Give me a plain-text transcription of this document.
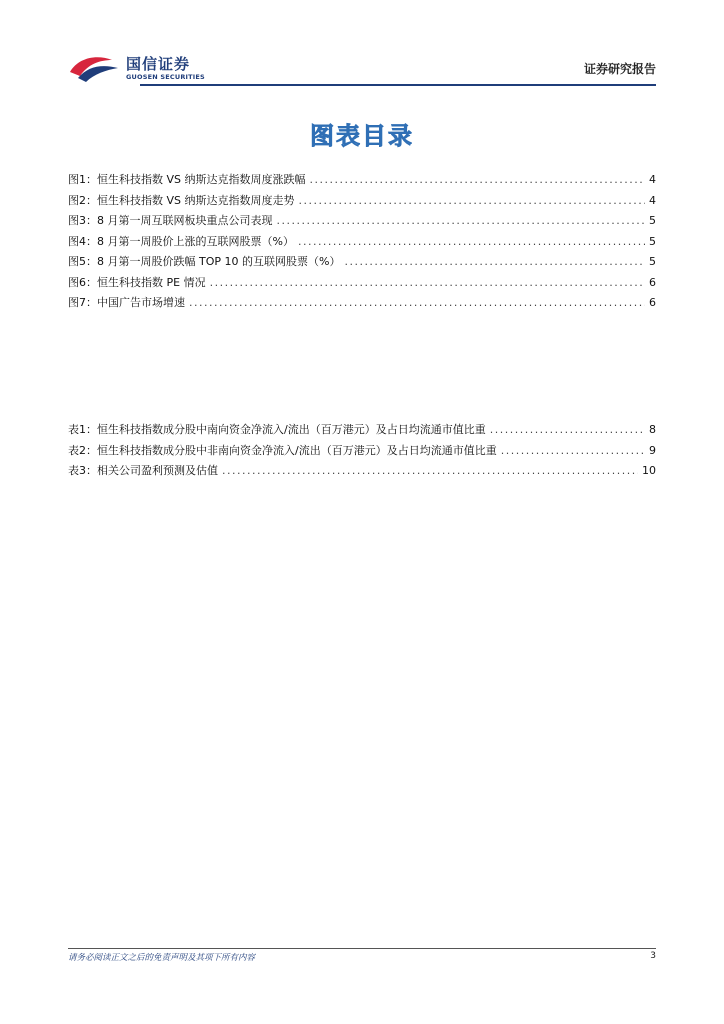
国信证券
GUOSEN SECURITIES
证券研究报告
图表目录
图1： 恒生科技指数 VS 纳斯达克指数周度涨跌幅 .....	4
图2： 恒生科技指数 VS 纳斯达克指数周度走势 .....	4
图3： 8 月第一周互联网板块重点公司表现 .....	5
图4： 8 月第一周股价上涨的互联网股票（%） .....	5
图5： 8 月第一周股价跌幅 TOP 10 的互联网股票（%） .....	5
图6： 恒生科技指数 PE 情况 .....	6
图7： 中国广告市场增速 .....	6
表1： 恒生科技指数成分股中南向资金净流入/流出（百万港元）及占日均流通市值比重 .....	8
表2： 恒生科技指数成分股中非南向资金净流入/流出（百万港元）及占日均流通市值比重 .....	9
表3： 相关公司盈利预测及估值 .....	10
请务必阅读正文之后的免责声明及其项下所有内容	3
